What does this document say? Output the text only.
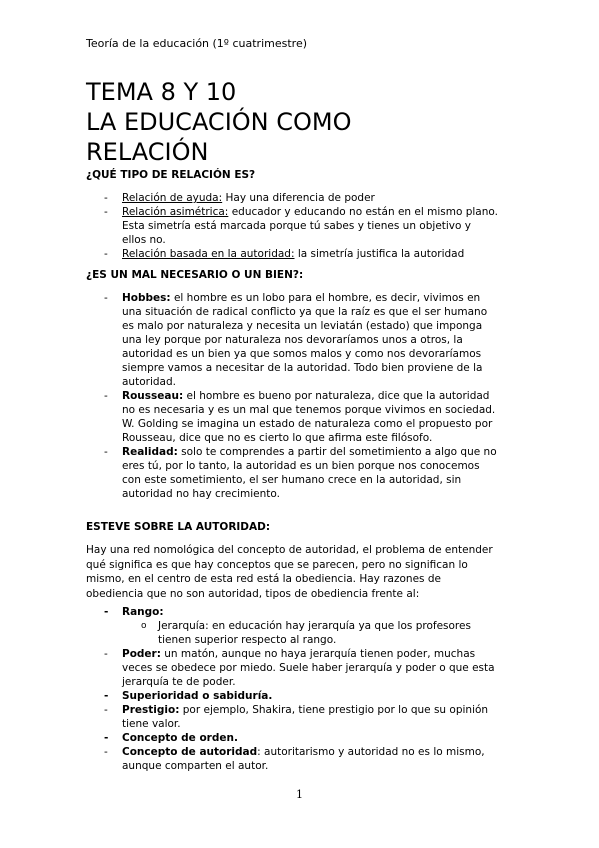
Teoría de la educación (1º cuatrimestre)
TEMA 8 Y 10
LA EDUCACIÓN COMO
RELACIÓN
¿QUÉ TIPO DE RELACIÓN ES?
- Relación de ayuda: Hay una diferencia de poder
- Relación asimétrica: educador y educando no están en el mismo plano. Esta simetría está marcada porque tú sabes y tienes un objetivo y ellos no.
- Relación basada en la autoridad: la simetría justifica la autoridad
¿ES UN MAL NECESARIO O UN BIEN?:
- Hobbes: el hombre es un lobo para el hombre, es decir, vivimos en una situación de radical conflicto ya que la raíz es que el ser humano es malo por naturaleza y necesita un leviatán (estado) que imponga una ley porque por naturaleza nos devoraríamos unos a otros, la autoridad es un bien ya que somos malos y como nos devoraríamos siempre vamos a necesitar de la autoridad. Todo bien proviene de la autoridad.
- Rousseau: el hombre es bueno por naturaleza, dice que la autoridad no es necesaria y es un mal que tenemos porque vivimos en sociedad. W. Golding se imagina un estado de naturaleza como el propuesto por Rousseau, dice que no es cierto lo que afirma este filósofo.
- Realidad: solo te comprendes a partir del sometimiento a algo que no eres tú, por lo tanto, la autoridad es un bien porque nos conocemos con este sometimiento, el ser humano crece en la autoridad, sin autoridad no hay crecimiento.
ESTEVE SOBRE LA AUTORIDAD:
Hay una red nomológica del concepto de autoridad, el problema de entender qué significa es que hay conceptos que se parecen, pero no significan lo mismo, en el centro de esta red está la obediencia. Hay razones de obediencia que no son autoridad, tipos de obediencia frente al:
- Rango:
o Jerarquía: en educación hay jerarquía ya que los profesores tienen superior respecto al rango.
- Poder: un matón, aunque no haya jerarquía tienen poder, muchas veces se obedece por miedo. Suele haber jerarquía y poder o que esta jerarquía te de poder.
- Superioridad o sabiduría.
- Prestigio: por ejemplo, Shakira, tiene prestigio por lo que su opinión tiene valor.
- Concepto de orden.
- Concepto de autoridad: autoritarismo y autoridad no es lo mismo, aunque comparten el autor.
1
